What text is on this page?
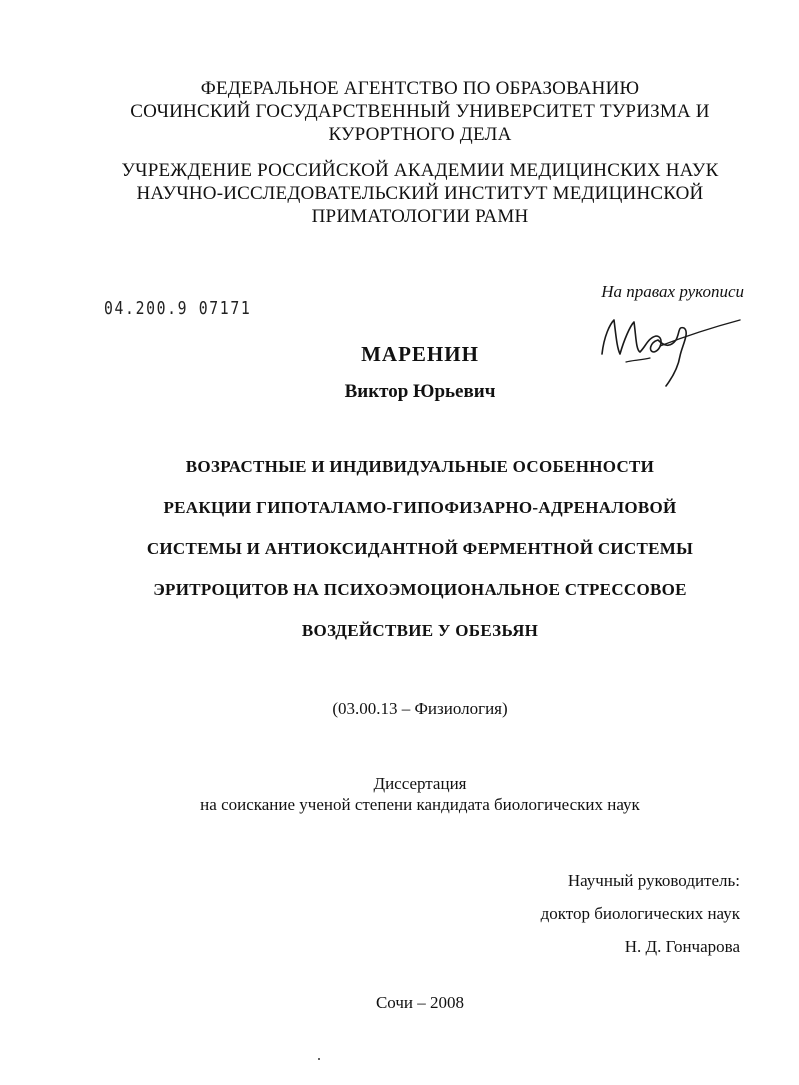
ФЕДЕРАЛЬНОЕ АГЕНТСТВО ПО ОБРАЗОВАНИЮ
СОЧИНСКИЙ ГОСУДАРСТВЕННЫЙ УНИВЕРСИТЕТ ТУРИЗМА И
КУРОРТНОГО ДЕЛА
УЧРЕЖДЕНИЕ РОССИЙСКОЙ АКАДЕМИИ МЕДИЦИНСКИХ НАУК
НАУЧНО-ИССЛЕДОВАТЕЛЬСКИЙ ИНСТИТУТ МЕДИЦИНСКОЙ
ПРИМАТОЛОГИИ РАМН
04.200.9 07171
На правах рукописи
МАРЕНИН
Виктор Юрьевич
ВОЗРАСТНЫЕ И ИНДИВИДУАЛЬНЫЕ ОСОБЕННОСТИ
РЕАКЦИИ ГИПОТАЛАМО-ГИПОФИЗАРНО-АДРЕНАЛОВОЙ
СИСТЕМЫ И АНТИОКСИДАНТНОЙ ФЕРМЕНТНОЙ СИСТЕМЫ
ЭРИТРОЦИТОВ НА ПСИХОЭМОЦИОНАЛЬНОЕ СТРЕССОВОЕ
ВОЗДЕЙСТВИЕ У ОБЕЗЬЯН
(03.00.13 – Физиология)
Диссертация
на соискание ученой степени кандидата биологических наук
Научный руководитель:
доктор биологических наук
Н. Д. Гончарова
Сочи – 2008
